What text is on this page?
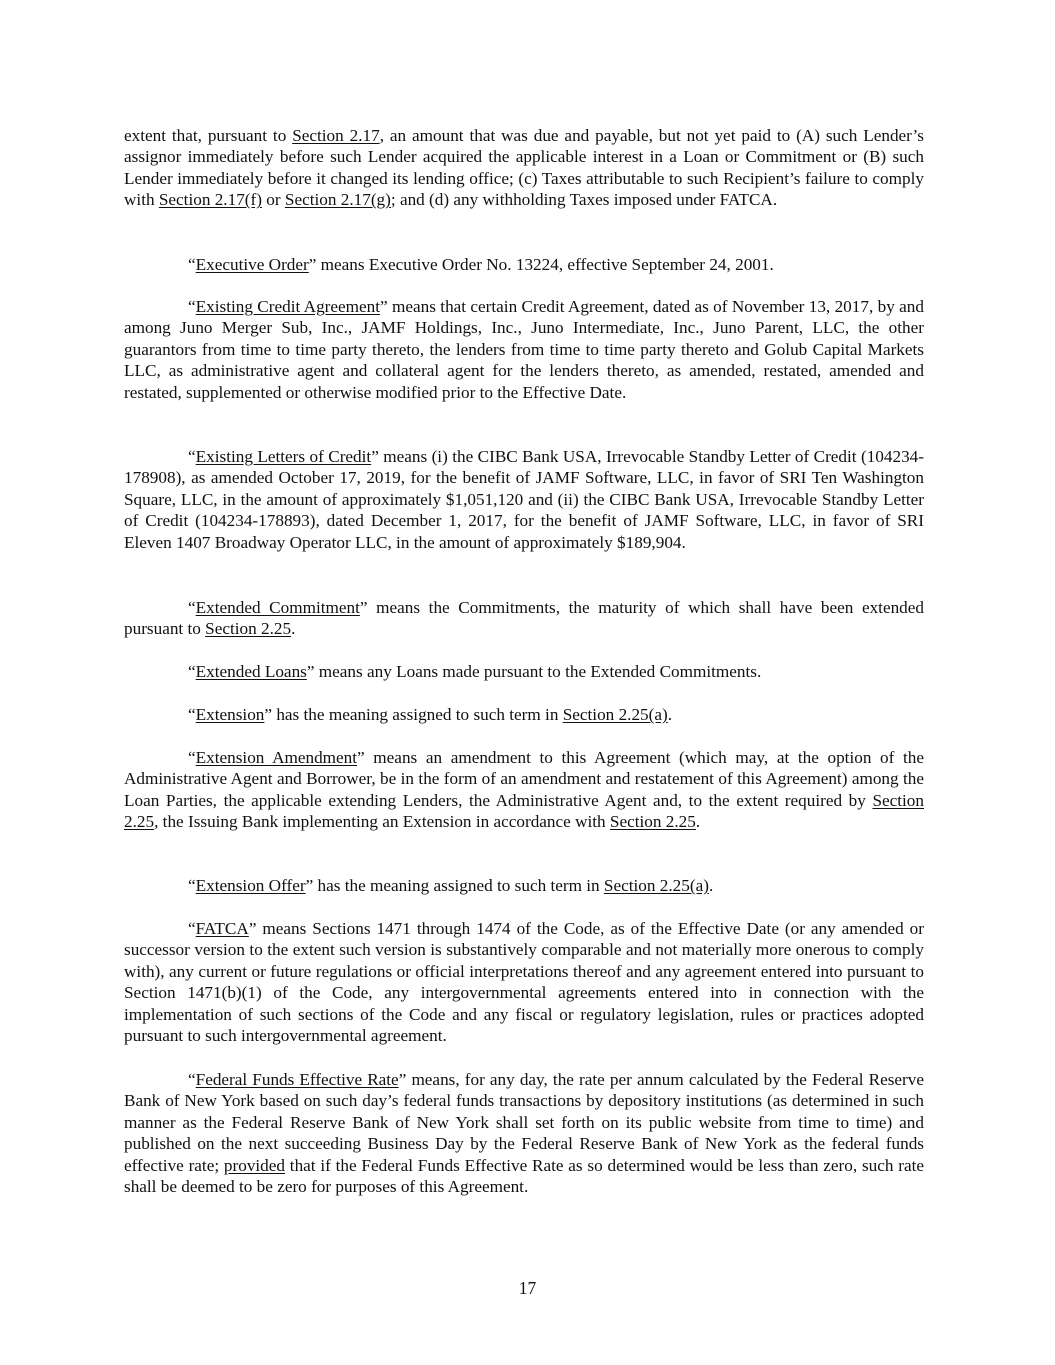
extent that, pursuant to Section 2.17, an amount that was due and payable, but not yet paid to (A) such Lender’s assignor immediately before such Lender acquired the applicable interest in a Loan or Commitment or (B) such Lender immediately before it changed its lending office; (c) Taxes attributable to such Recipient’s failure to comply with Section 2.17(f) or Section 2.17(g); and (d) any withholding Taxes imposed under FATCA.

“Executive Order” means Executive Order No. 13224, effective September 24, 2001.

“Existing Credit Agreement” means that certain Credit Agreement, dated as of November 13, 2017, by and among Juno Merger Sub, Inc., JAMF Holdings, Inc., Juno Intermediate, Inc., Juno Parent, LLC, the other guarantors from time to time party thereto, the lenders from time to time party thereto and Golub Capital Markets LLC, as administrative agent and collateral agent for the lenders thereto, as amended, restated, amended and restated, supplemented or otherwise modified prior to the Effective Date.

“Existing Letters of Credit” means (i) the CIBC Bank USA, Irrevocable Standby Letter of Credit (104234-178908), as amended October 17, 2019, for the benefit of JAMF Software, LLC, in favor of SRI Ten Washington Square, LLC, in the amount of approximately $1,051,120 and (ii) the CIBC Bank USA, Irrevocable Standby Letter of Credit (104234-178893), dated December 1, 2017, for the benefit of JAMF Software, LLC, in favor of SRI Eleven 1407 Broadway Operator LLC, in the amount of approximately $189,904.

“Extended Commitment” means the Commitments, the maturity of which shall have been extended pursuant to Section 2.25.

“Extended Loans” means any Loans made pursuant to the Extended Commitments.

“Extension” has the meaning assigned to such term in Section 2.25(a).

“Extension Amendment” means an amendment to this Agreement (which may, at the option of the Administrative Agent and Borrower, be in the form of an amendment and restatement of this Agreement) among the Loan Parties, the applicable extending Lenders, the Administrative Agent and, to the extent required by Section 2.25, the Issuing Bank implementing an Extension in accordance with Section 2.25.

“Extension Offer” has the meaning assigned to such term in Section 2.25(a).

“FATCA” means Sections 1471 through 1474 of the Code, as of the Effective Date (or any amended or successor version to the extent such version is substantively comparable and not materially more onerous to comply with), any current or future regulations or official interpretations thereof and any agreement entered into pursuant to Section 1471(b)(1) of the Code, any intergovernmental agreements entered into in connection with the implementation of such sections of the Code and any fiscal or regulatory legislation, rules or practices adopted pursuant to such intergovernmental agreement.

“Federal Funds Effective Rate” means, for any day, the rate per annum calculated by the Federal Reserve Bank of New York based on such day’s federal funds transactions by depository institutions (as determined in such manner as the Federal Reserve Bank of New York shall set forth on its public website from time to time) and published on the next succeeding Business Day by the Federal Reserve Bank of New York as the federal funds effective rate; provided that if the Federal Funds Effective Rate as so determined would be less than zero, such rate shall be deemed to be zero for purposes of this Agreement.

17
